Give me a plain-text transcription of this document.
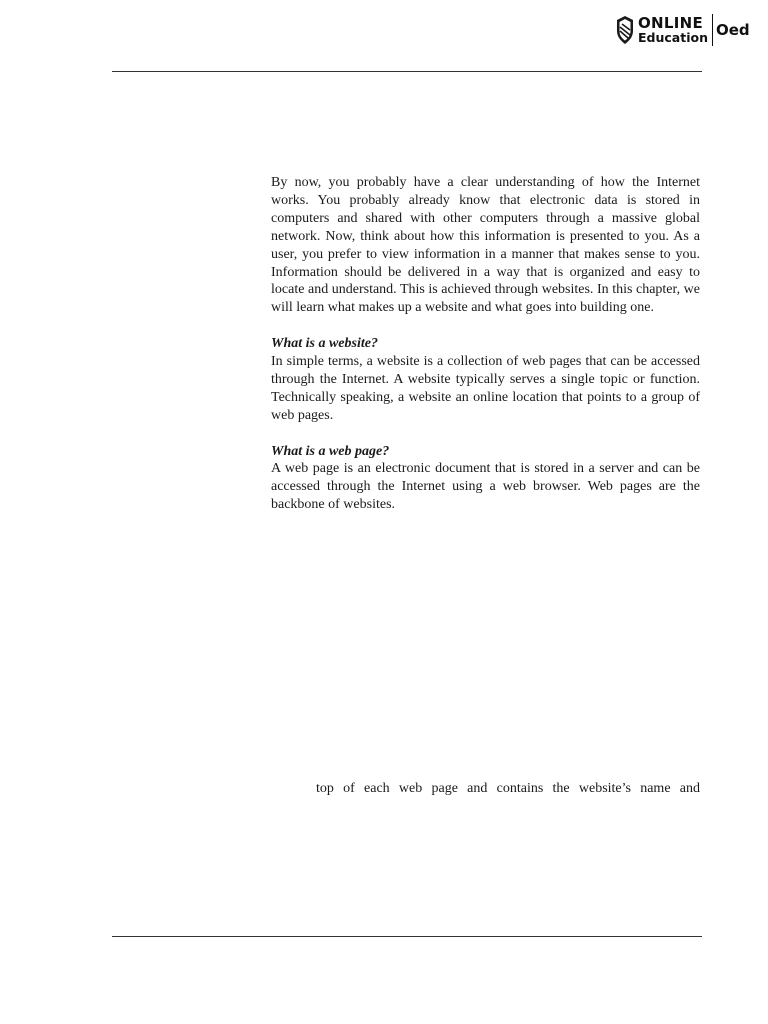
ONLINE
Education Oed

By now, you probably have a clear understanding of how the Internet works. You probably already know that electronic data is stored in computers and shared with other computers through a massive global network. Now, think about how this information is presented to you. As a user, you prefer to view information in a manner that makes sense to you. Information should be delivered in a way that is organized and easy to locate and understand. This is achieved through websites. In this chapter, we will learn what makes up a website and what goes into building one.

What is a website?

In simple terms, a website is a collection of web pages that can be accessed through the Internet. A website typically serves a single topic or function. Technically speaking, a website an online location that points to a group of web pages.

What is a web page?

A web page is an electronic document that is stored in a server and can be accessed through the Internet using a web browser. Web pages are the backbone of websites.

top of each web page and contains the website’s name and
